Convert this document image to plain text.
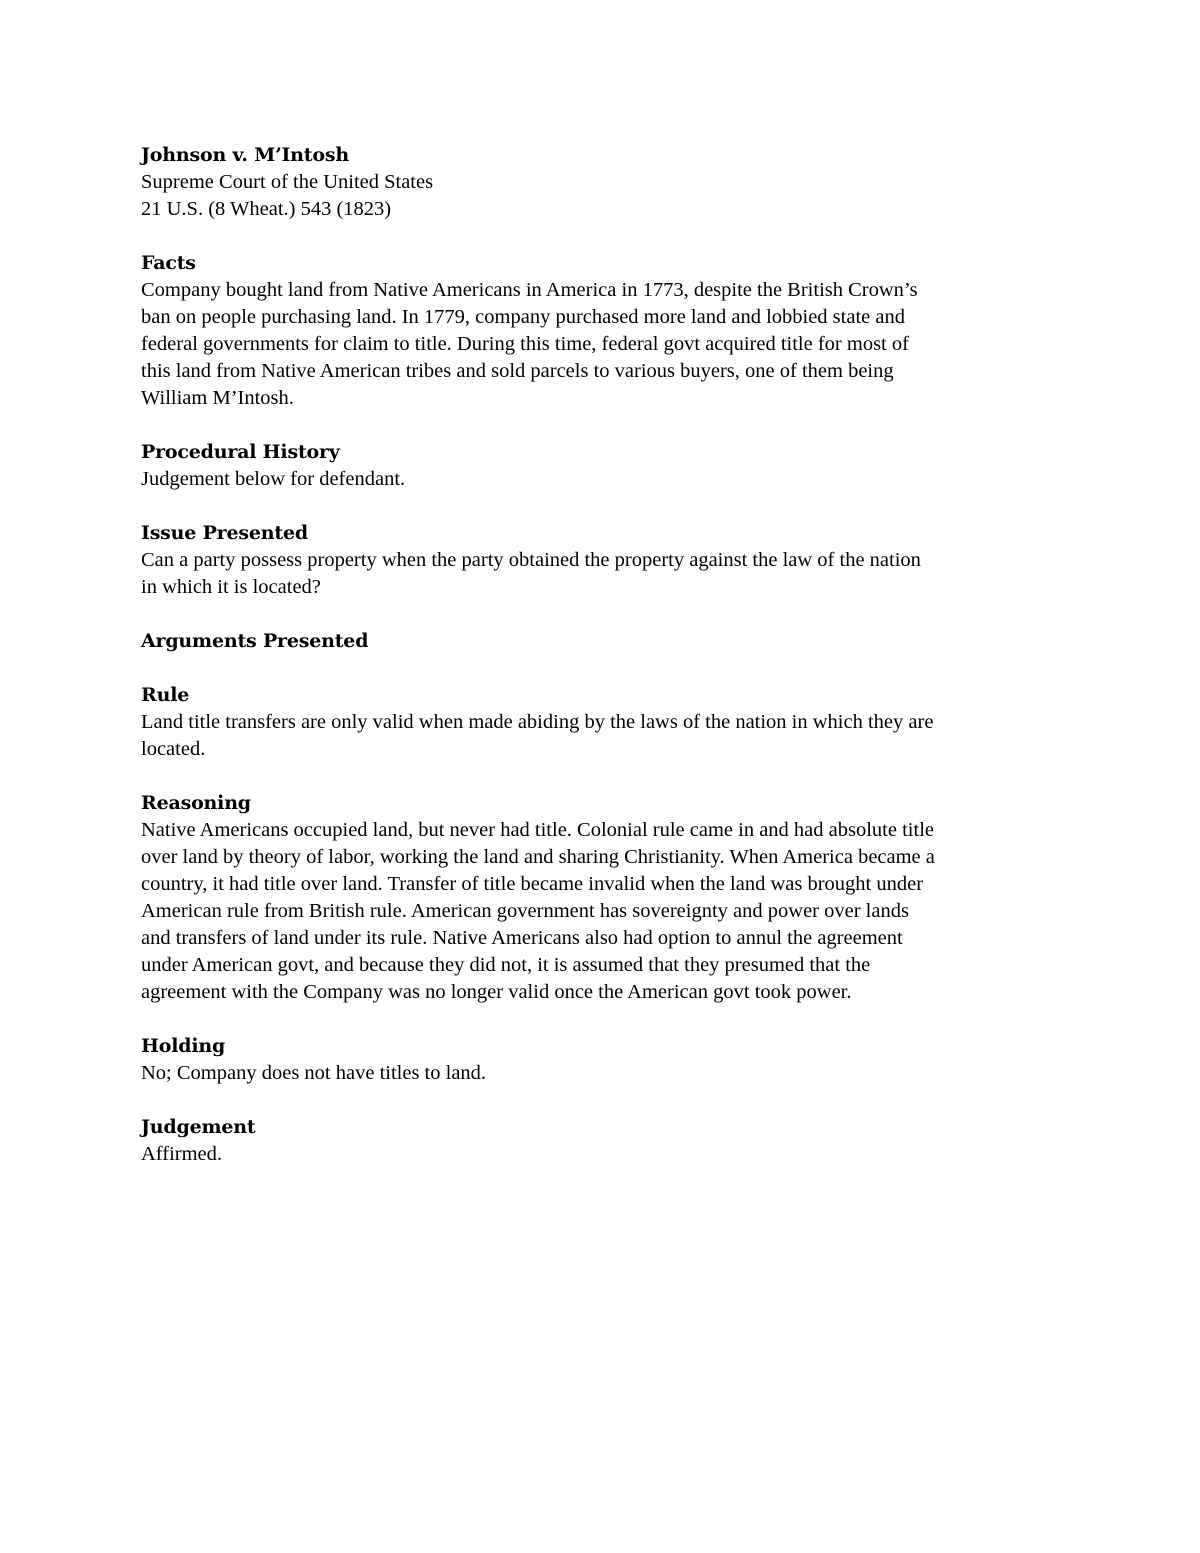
Johnson v. M’Intosh

Supreme Court of the United States

21 U.S. (8 Wheat.) 543 (1823)

Facts

Company bought land from Native Americans in America in 1773, despite the British Crown’s

ban on people purchasing land. In 1779, company purchased more land and lobbied state and

federal governments for claim to title. During this time, federal govt acquired title for most of

this land from Native American tribes and sold parcels to various buyers, one of them being

William M’Intosh.

Procedural History

Judgement below for defendant.

Issue Presented

Can a party possess property when the party obtained the property against the law of the nation

in which it is located?

Arguments Presented

Rule

Land title transfers are only valid when made abiding by the laws of the nation in which they are

located.

Reasoning

Native Americans occupied land, but never had title. Colonial rule came in and had absolute title

over land by theory of labor, working the land and sharing Christianity. When America became a

country, it had title over land. Transfer of title became invalid when the land was brought under

American rule from British rule. American government has sovereignty and power over lands

and transfers of land under its rule. Native Americans also had option to annul the agreement

under American govt, and because they did not, it is assumed that they presumed that the

agreement with the Company was no longer valid once the American govt took power.

Holding

No; Company does not have titles to land.

Judgement

Affirmed.
